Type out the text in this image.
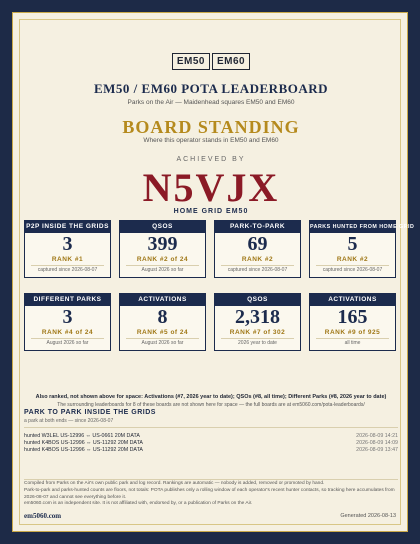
EM50 EM60
EM50 / EM60 POTA LEADERBOARD
Parks on the Air — Maidenhead squares EM50 and EM60
BOARD STANDING
Where this operator stands in EM50 and EM60
ACHIEVED BY
N5VJX
HOME GRID EM50
P2P INSIDE THE GRIDS
3
RANK #1
captured since 2026-08-07
QSOS
399
RANK #2 of 24
August 2026 so far
PARK-TO-PARK
69
RANK #2
captured since 2026-08-07
PARKS HUNTED FROM HOME GRID
5
RANK #2
captured since 2026-08-07
DIFFERENT PARKS
3
RANK #4 of 24
August 2026 so far
ACTIVATIONS
8
RANK #5 of 24
August 2026 so far
QSOS
2,318
RANK #7 of 302
2026 year to date
ACTIVATIONS
165
RANK #9 of 925
all time
Also ranked, not shown above for space: Activations (#7, 2026 year to date); QSOs (#8, all time); Different Parks (#8, 2026 year to date)
The surrounding leaderboards for 8 of these boards are not shown here for space — the full boards are at em5060.com/pota-leaderboards/
PARK TO PARK INSIDE THE GRIDS
a park at both ends — since 2026-08-07
hunted W3LEL US-12996 ⇔ US-0661 20M DATA	2026-08-09 14:21
hunted K4BOS US-12996 ⇔ US-11292 20M DATA	2026-08-09 14:09
hunted K4BOS US-12996 ⇔ US-11292 20M DATA	2026-08-09 13:47
Compiled from Parks on the Air's own public park and log record. Rankings are automatic — nobody is added, removed or promoted by hand.
Park-to-park and parks-hunted counts are floors, not totals: POTA publishes only a rolling window of each operator's recent hunter contacts, so tracking here accumulates from 2026-08-07 and cannot see everything before it.
em5060.com is an independent site. It is not affiliated with, endorsed by, or a publication of Parks on the Air.
em5060.com	Generated 2026-08-13
